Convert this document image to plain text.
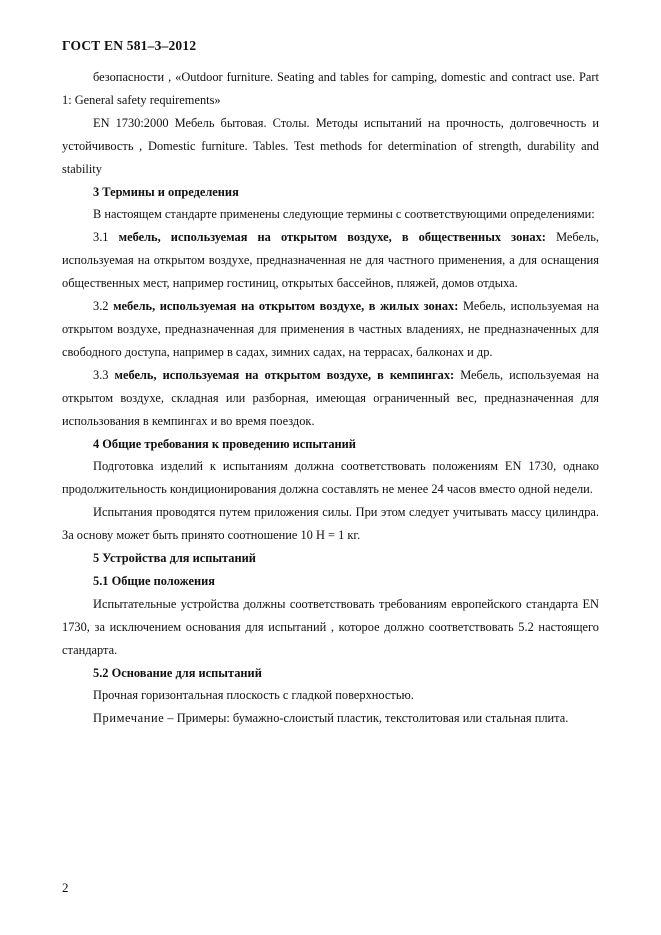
ГОСТ EN 581–3–2012

безопасности , «Outdoor furniture. Seating and tables for camping, domestic and contract use. Part 1: General safety requirements»

EN 1730:2000 Мебель бытовая. Столы. Методы испытаний на прочность, долговечность и устойчивость , Domestic furniture. Tables. Test methods for determination of strength, durability and stability

3 Термины и определения

В настоящем стандарте применены следующие термины с соответствующими определениями:

3.1 мебель, используемая на открытом воздухе, в общественных зонах: Мебель, используемая на открытом воздухе, предназначенная не для частного применения, а для оснащения общественных мест, например гостиниц, открытых бассейнов, пляжей, домов отдыха.

3.2 мебель, используемая на открытом воздухе, в жилых зонах: Мебель, используемая на открытом воздухе, предназначенная для применения в частных владениях, не предназначенных для свободного доступа, например в садах, зимних садах, на террасах, балконах и др.

3.3 мебель, используемая на открытом воздухе, в кемпингах: Мебель, используемая на открытом воздухе, складная или разборная, имеющая ограниченный вес, предназначенная для использования в кемпингах и во время поездок.

4 Общие требования к проведению испытаний

Подготовка изделий к испытаниям должна соответствовать положениям EN 1730, однако продолжительность кондиционирования должна составлять не менее 24 часов вместо одной недели.

Испытания проводятся путем приложения силы. При этом следует учитывать массу цилиндра. За основу может быть принято соотношение 10 Н = 1 кг.

5 Устройства для испытаний

5.1 Общие положения

Испытательные устройства должны соответствовать требованиям европейского стандарта EN 1730, за исключением основания для испытаний , которое должно соответствовать 5.2 настоящего стандарта.

5.2 Основание для испытаний

Прочная горизонтальная плоскость с гладкой поверхностью.

Примечание – Примеры: бумажно-слоистый пластик, текстолитовая или стальная плита.

2
